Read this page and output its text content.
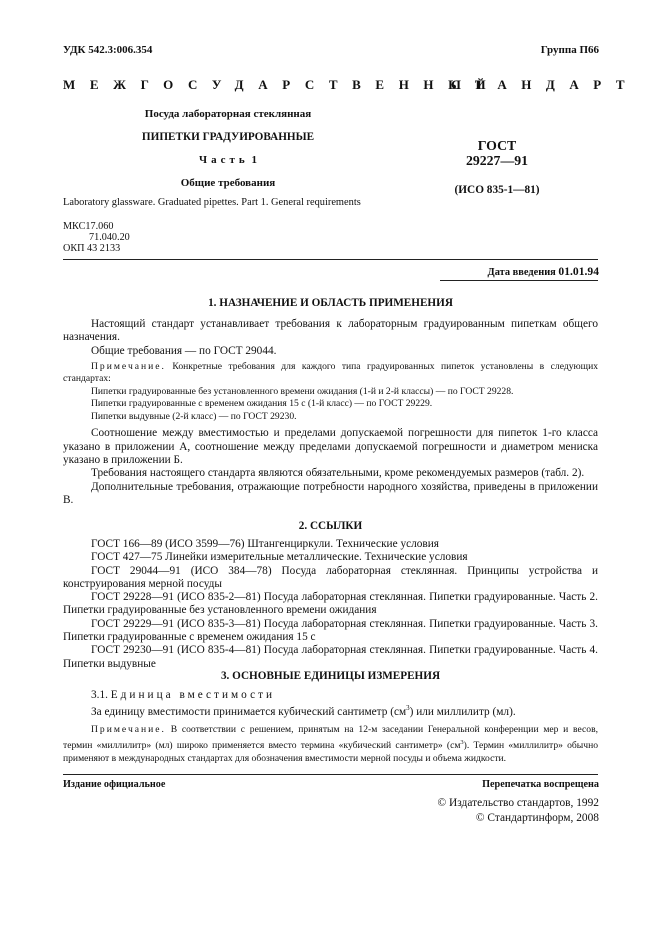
УДК 542.3:006.354	Группа П66
МЕЖГОСУДАРСТВЕННЫЙ
СТАНДАРТ
Посуда лабораторная стеклянная
ПИПЕТКИ ГРАДУИРОВАННЫЕ
Часть 1
Общие требования
Laboratory glassware. Graduated pipettes. Part 1. General requirements
ГОСТ
29227—91
(ИСО 835-1—81)
МКС17.060
71.040.20
ОКП 43 2133
Дата введения 01.01.94
1. НАЗНАЧЕНИЕ И ОБЛАСТЬ ПРИМЕНЕНИЯ
Настоящий стандарт устанавливает требования к лабораторным градуированным пипеткам общего назначения.
Общие требования — по ГОСТ 29044.
Примечание. Конкретные требования для каждого типа градуированных пипеток установлены в следующих стандартах:
Пипетки градуированные без установленного времени ожидания (1-й и 2-й классы) — по ГОСТ 29228.
Пипетки градуированные с временем ожидания 15 с (1-й класс) — по ГОСТ 29229.
Пипетки выдувные (2-й класс) — по ГОСТ 29230.
Соотношение между вместимостью и пределами допускаемой погрешности для пипеток 1-го класса указано в приложении А, соотношение между пределами допускаемой погрешности и диаметром мениска указано в приложении Б.
Требования настоящего стандарта являются обязательными, кроме рекомендуемых размеров (табл. 2).
Дополнительные требования, отражающие потребности народного хозяйства, приведены в приложении В.
2. ССЫЛКИ
ГОСТ 166—89 (ИСО 3599—76) Штангенциркули. Технические условия
ГОСТ 427—75 Линейки измерительные металлические. Технические условия
ГОСТ 29044—91 (ИСО 384—78) Посуда лабораторная стеклянная. Принципы устройства и конструирования мерной посуды
ГОСТ 29228—91 (ИСО 835-2—81) Посуда лабораторная стеклянная. Пипетки градуированные. Часть 2. Пипетки градуированные без установленного времени ожидания
ГОСТ 29229—91 (ИСО 835-3—81) Посуда лабораторная стеклянная. Пипетки градуированные. Часть 3. Пипетки градуированные с временем ожидания 15 с
ГОСТ 29230—91 (ИСО 835-4—81) Посуда лабораторная стеклянная. Пипетки градуированные. Часть 4. Пипетки выдувные
3. ОСНОВНЫЕ ЕДИНИЦЫ ИЗМЕРЕНИЯ
3.1. Единица вместимости
За единицу вместимости принимается кубический сантиметр $(см^3)$ или миллилитр (мл).
Примечание. В соответствии с решением, принятым на 12-м заседании Генеральной конференции мер и весов, термин «миллилитр» (мл) широко применяется вместо термина «кубический сантиметр» $(см^3)$. Термин «миллилитр» обычно применяют в международных стандартах для обозначения вместимости мерной посуды и объема жидкости.
Издание официальное	Перепечатка воспрещена
© Издательство стандартов, 1992
© Стандартинформ, 2008
